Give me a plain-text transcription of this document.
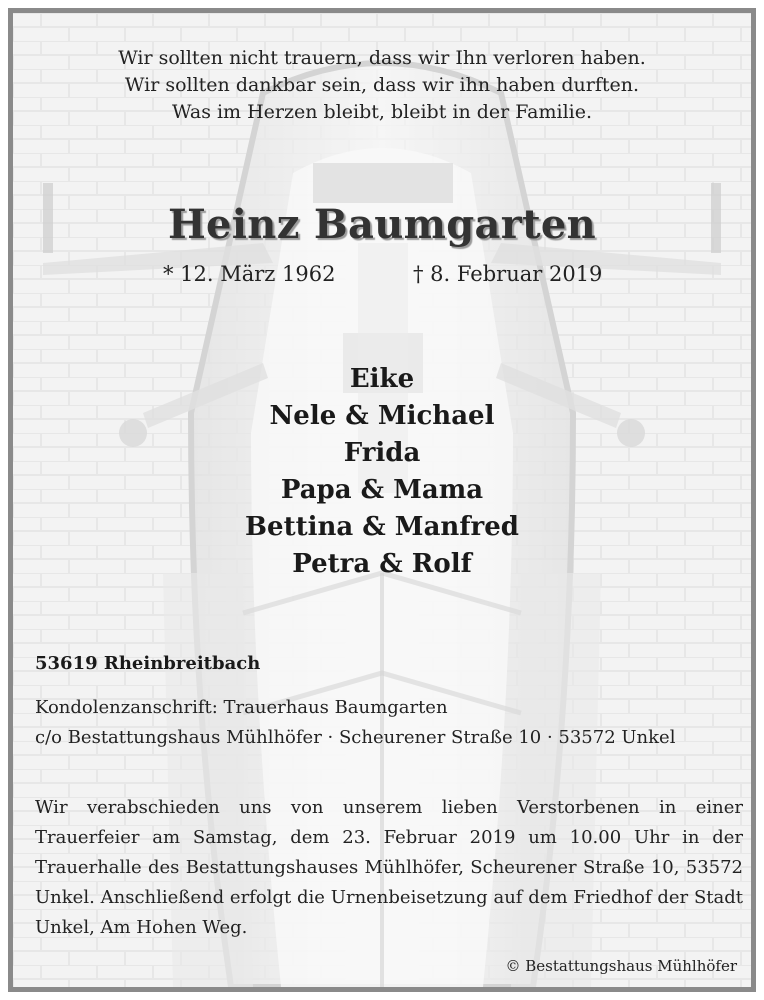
Wir sollten nicht trauern, dass wir Ihn verloren haben.
Wir sollten dankbar sein, dass wir ihn haben durften.
Was im Herzen bleibt, bleibt in der Familie.
Heinz Baumgarten
* 12. März 1962	† 8. Februar 2019
Eike
Nele & Michael
Frida
Papa & Mama
Bettina & Manfred
Petra & Rolf
53619 Rheinbreitbach
Kondolenzanschrift: Trauerhaus Baumgarten
c/o Bestattungshaus Mühlhöfer · Scheurener Straße 10 · 53572 Unkel
Wir verabschieden uns von unserem lieben Verstorbenen in einer Trauerfeier am Samstag, dem 23. Februar 2019 um 10.00 Uhr in der Trauerhalle des Bestattungshauses Mühlhöfer, Scheurener Straße 10, 53572 Unkel. Anschließend erfolgt die Urnenbeisetzung auf dem Friedhof der Stadt Unkel, Am Hohen Weg.
© Bestattungshaus Mühlhöfer
